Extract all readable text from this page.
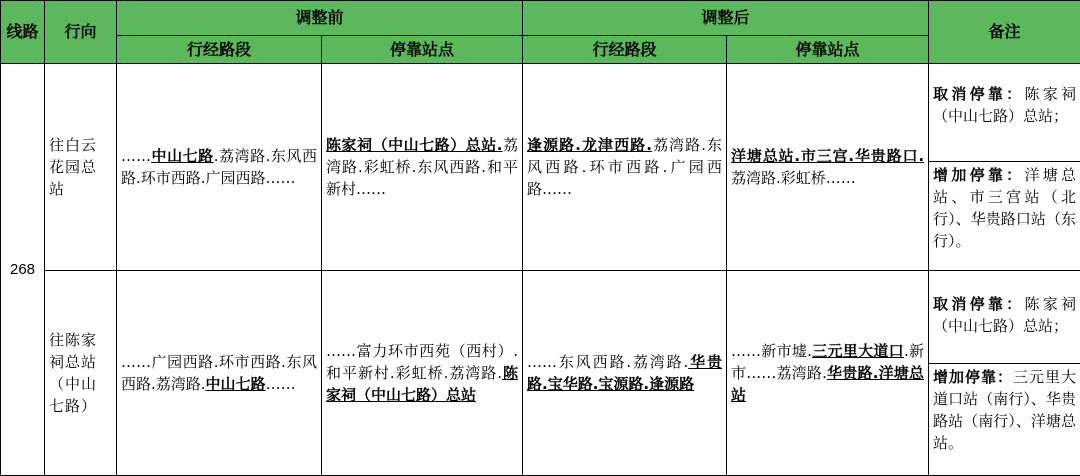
线路	行向	调整前		调整后		备注
		行经路段	停靠站点	行经路段	停靠站点	
268	往白云花园总站	……中山七路.荔湾路.东风西路.环市西路.广园西路……	陈家祠（中山七路）总站.荔湾路.彩虹桥.东风西路.和平新村……	逢源路.龙津西路.荔湾路.东风西路.环市西路.广园西路……	洋塘总站.市三宫.华贵路口.荔湾路.彩虹桥……	取消停靠：陈家祠（中山七路）总站；
增加停靠：洋塘总站、市三宫站（北行）、华贵路口站（东行）。

	往陈家祠总站（中山七路）	……广园西路.环市西路.东风西路.荔湾路.中山七路……	……富力环市西苑（西村）.和平新村.彩虹桥.荔湾路.陈家祠（中山七路）总站	……东风西路.荔湾路.华贵路.宝华路.宝源路.逢源路	……新市墟.三元里大道口.新市……荔湾路.华贵路.洋塘总站	取消停靠：陈家祠（中山七路）总站；
增加停靠：三元里大道口站（南行）、华贵路站（南行）、洋塘总站。
